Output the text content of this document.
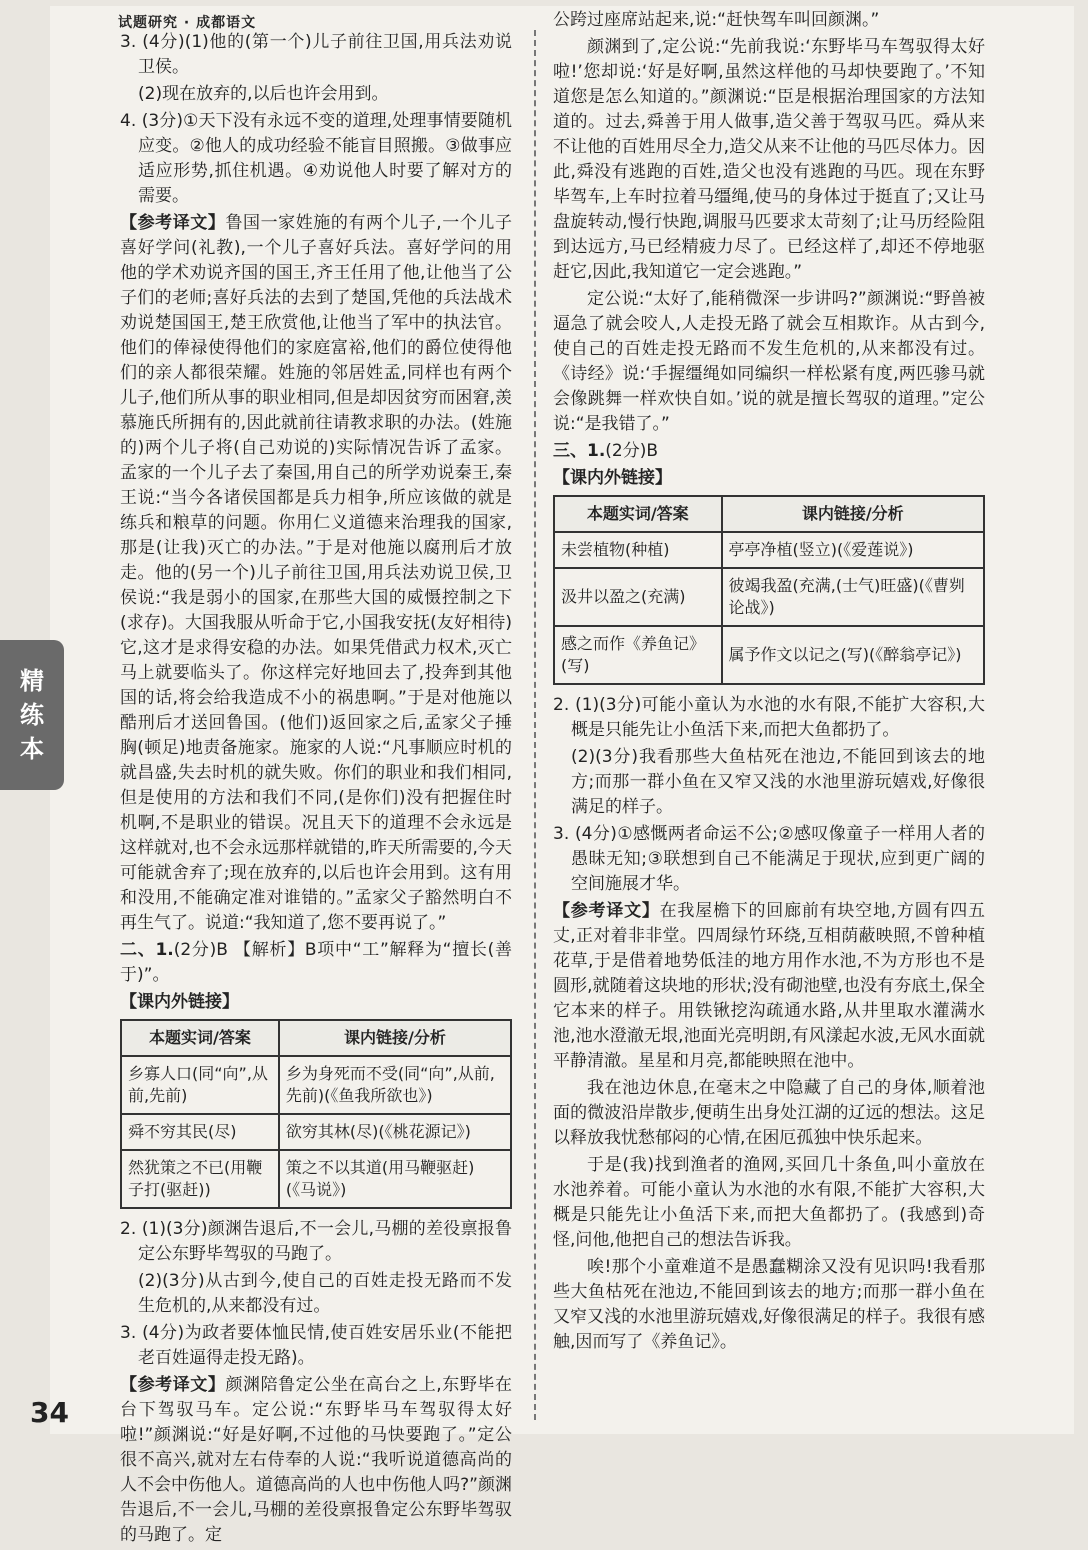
试题研究 · 成都语文
精
练
本

3. (4分)(1)他的(第一个)儿子前往卫国,用兵法劝说卫侯。

(2)现在放弃的,以后也许会用到。

4. (3分)①天下没有永远不变的道理,处理事情要随机应变。②他人的成功经验不能盲目照搬。③做事应适应形势,抓住机遇。④劝说他人时要了解对方的需要。

【参考译文】鲁国一家姓施的有两个儿子,一个儿子喜好学问(礼教),一个儿子喜好兵法。喜好学问的用他的学术劝说齐国的国王,齐王任用了他,让他当了公子们的老师;喜好兵法的去到了楚国,凭他的兵法战术劝说楚国国王,楚王欣赏他,让他当了军中的执法官。他们的俸禄使得他们的家庭富裕,他们的爵位使得他们的亲人都很荣耀。姓施的邻居姓孟,同样也有两个儿子,他们所从事的职业相同,但是却因贫穷而困窘,羡慕施氏所拥有的,因此就前往请教求职的办法。(姓施的)两个儿子将(自己劝说的)实际情况告诉了孟家。孟家的一个儿子去了秦国,用自己的所学劝说秦王,秦王说:“当今各诸侯国都是兵力相争,所应该做的就是练兵和粮草的问题。你用仁义道德来治理我的国家,那是(让我)灭亡的办法。”于是对他施以腐刑后才放走。他的(另一个)儿子前往卫国,用兵法劝说卫侯,卫侯说:“我是弱小的国家,在那些大国的威慑控制之下(求存)。大国我服从听命于它,小国我安抚(友好相待)它,这才是求得安稳的办法。如果凭借武力权术,灭亡马上就要临头了。你这样完好地回去了,投奔到其他国的话,将会给我造成不小的祸患啊。”于是对他施以酷刑后才送回鲁国。(他们)返回家之后,孟家父子捶胸(顿足)地责备施家。施家的人说:“凡事顺应时机的就昌盛,失去时机的就失败。你们的职业和我们相同,但是使用的方法和我们不同,(是你们)没有把握住时机啊,不是职业的错误。况且天下的道理不会永远是这样就对,也不会永远那样就错的,昨天所需要的,今天可能就舍弃了;现在放弃的,以后也许会用到。这有用和没用,不能确定准对谁错的。”孟家父子豁然明白不再生气了。说道:“我知道了,您不要再说了。”

二、1.(2分)B 【解析】B项中“工”解释为“擅长(善于)”。

【课内外链接】

本题实词/答案	课内链接/分析
乡寡人口(同“向”,从前,先前)	乡为身死而不受(同“向”,从前,先前)(《鱼我所欲也》)
舜不穷其民(尽)	欲穷其林(尽)(《桃花源记》)
然犹策之不已(用鞭子打(驱赶))	策之不以其道(用马鞭驱赶)(《马说》)

2. (1)(3分)颜渊告退后,不一会儿,马棚的差役禀报鲁定公东野毕驾驭的马跑了。

(2)(3分)从古到今,使自己的百姓走投无路而不发生危机的,从来都没有过。

3. (4分)为政者要体恤民情,使百姓安居乐业(不能把老百姓逼得走投无路)。

【参考译文】颜渊陪鲁定公坐在高台之上,东野毕在台下驾驭马车。定公说:“东野毕马车驾驭得太好啦!”颜渊说:“好是好啊,不过他的马快要跑了。”定公很不高兴,就对左右侍奉的人说:“我听说道德高尚的人不会中伤他人。道德高尚的人也中伤他人吗?”颜渊告退后,不一会儿,马棚的差役禀报鲁定公东野毕驾驭的马跑了。定

公跨过座席站起来,说:“赶快驾车叫回颜渊。”

颜渊到了,定公说:“先前我说:‘东野毕马车驾驭得太好啦!’您却说:‘好是好啊,虽然这样他的马却快要跑了。’不知道您是怎么知道的。”颜渊说:“臣是根据治理国家的方法知道的。过去,舜善于用人做事,造父善于驾驭马匹。舜从来不让他的百姓用尽全力,造父从来不让他的马匹尽体力。因此,舜没有逃跑的百姓,造父也没有逃跑的马匹。现在东野毕驾车,上车时拉着马缰绳,使马的身体过于挺直了;又让马盘旋转动,慢行快跑,调服马匹要求太苛刻了;让马历经险阻到达远方,马已经精疲力尽了。已经这样了,却还不停地驱赶它,因此,我知道它一定会逃跑。”

定公说:“太好了,能稍微深一步讲吗?”颜渊说:“野兽被逼急了就会咬人,人走投无路了就会互相欺诈。从古到今,使自己的百姓走投无路而不发生危机的,从来都没有过。《诗经》说:‘手握缰绳如同编织一样松紧有度,两匹骖马就会像跳舞一样欢快自如。’说的就是擅长驾驭的道理。”定公说:“是我错了。”

三、1.(2分)B

【课内外链接】

本题实词/答案	课内链接/分析
未尝植物(种植)	亭亭净植(竖立)(《爱莲说》)
汲井以盈之(充满)	彼竭我盈(充满,(士气)旺盛)(《曹刿论战》)
感之而作《养鱼记》(写)	属予作文以记之(写)(《醉翁亭记》)

2. (1)(3分)可能小童认为水池的水有限,不能扩大容积,大概是只能先让小鱼活下来,而把大鱼都扔了。

(2)(3分)我看那些大鱼枯死在池边,不能回到该去的地方;而那一群小鱼在又窄又浅的水池里游玩嬉戏,好像很满足的样子。

3. (4分)①感慨两者命运不公;②感叹像童子一样用人者的愚昧无知;③联想到自己不能满足于现状,应到更广阔的空间施展才华。

【参考译文】在我屋檐下的回廊前有块空地,方圆有四五丈,正对着非非堂。四周绿竹环绕,互相荫蔽映照,不曾种植花草,于是借着地势低洼的地方用作水池,不为方形也不是圆形,就随着这块地的形状;没有砌池壁,也没有夯底土,保全它本来的样子。用铁锹挖沟疏通水路,从井里取水灌满水池,池水澄澈无垠,池面光亮明朗,有风漾起水波,无风水面就平静清澈。星星和月亮,都能映照在池中。

我在池边休息,在毫末之中隐藏了自己的身体,顺着池面的微波沿岸散步,便萌生出身处江湖的辽远的想法。这足以释放我忧愁郁闷的心情,在困厄孤独中快乐起来。

于是(我)找到渔者的渔网,买回几十条鱼,叫小童放在水池养着。可能小童认为水池的水有限,不能扩大容积,大概是只能先让小鱼活下来,而把大鱼都扔了。(我感到)奇怪,问他,他把自己的想法告诉我。

唉!那个小童难道不是愚蠢糊涂又没有见识吗!我看那些大鱼枯死在池边,不能回到该去的地方;而那一群小鱼在又窄又浅的水池里游玩嬉戏,好像很满足的样子。我很有感触,因而写了《养鱼记》。

34
